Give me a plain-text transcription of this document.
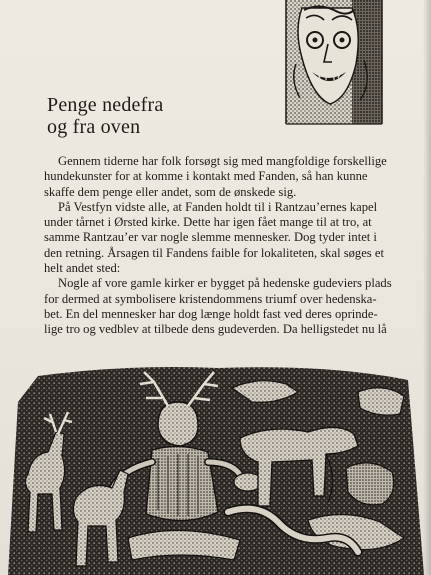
Penge nedefra
og fra oven
Gennem tiderne har folk forsøgt sig med mangfoldige forskellige
hundekunster for at komme i kontakt med Fanden, så han kunne
skaffe dem penge eller andet, som de ønskede sig.
På Vestfyn vidste alle, at Fanden holdt til i Rantzau’ernes kapel
under tårnet i Ørsted kirke. Dette har igen fået mange til at tro, at
samme Rantzau’er var nogle slemme mennesker. Dog tyder intet i
den retning. Årsagen til Fandens faible for lokaliteten, skal søges et
helt andet sted:
Nogle af vore gamle kirker er bygget på hedenske gudeviers plads
for dermed at symbolisere kristendommens triumf over hedenska-
bet. En del mennesker har dog længe holdt fast ved deres oprinde-
lige tro og vedblev at tilbede dens gudeverden. Da helligstedet nu lå
